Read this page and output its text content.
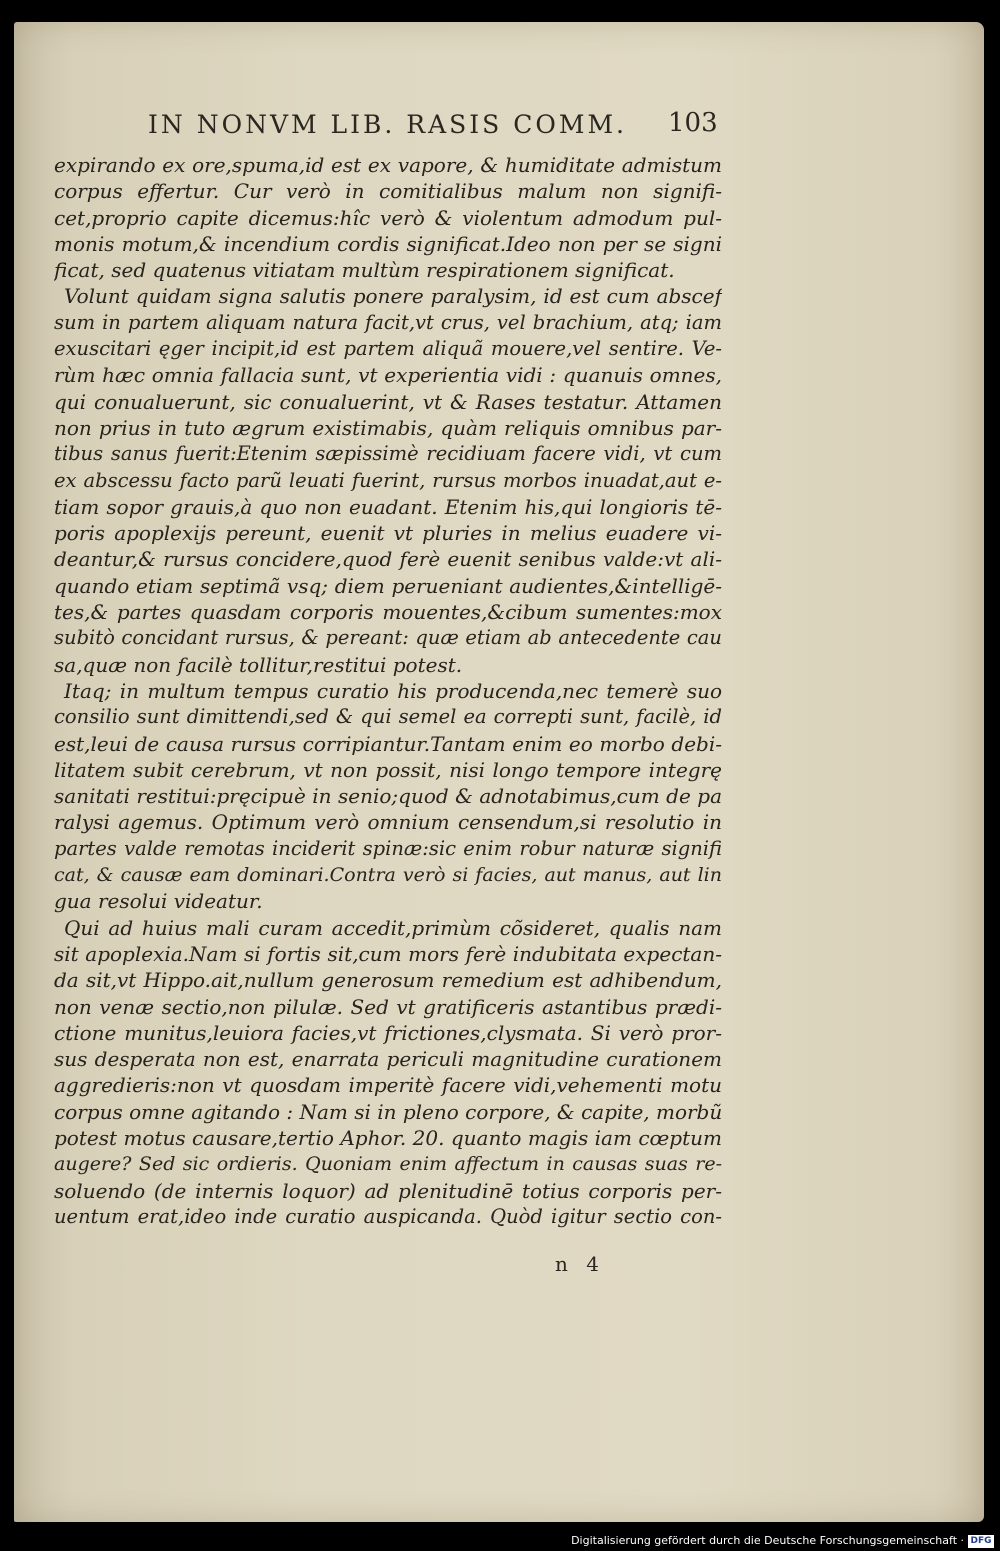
IN NONVM LIB. RASIS COMM.	103
expirando ex ore,spuma,id est ex vapore, & humiditate admistum
corpus effertur. Cur verò in comitialibus malum non signifi-
cet,proprio capite dicemus:hîc verò & violentum admodum pul-
monis motum,& incendium cordis significat.Ideo non per se signi
ficat, sed quatenus vitiatam multùm respirationem significat.
Volunt quidam signa salutis ponere paralysim, id est cum abscef
sum in partem aliquam natura facit,vt crus, vel brachium, atq; iam
exuscitari ęger incipit,id est partem aliquã mouere,vel sentire. Ve-
rùm hæc omnia fallacia sunt, vt experientia vidi : quanuis omnes,
qui conualuerunt, sic conualuerint, vt & Rases testatur. Attamen
non prius in tuto ægrum existimabis, quàm reliquis omnibus par-
tibus sanus fuerit:Etenim sæpissimè recidiuam facere vidi, vt cum
ex abscessu facto parũ leuati fuerint, rursus morbos inuadat,aut e-
tiam sopor grauis,à quo non euadant. Etenim his,qui longioris tē-
poris apoplexijs pereunt, euenit vt pluries in melius euadere vi-
deantur,& rursus concidere,quod ferè euenit senibus valde:vt ali-
quando etiam septimã vsq; diem perueniant audientes,&intelligē-
tes,& partes quasdam corporis mouentes,&cibum sumentes:mox
subitò concidant rursus, & pereant: quæ etiam ab antecedente cau
sa,quæ non facilè tollitur,restitui potest.
Itaq; in multum tempus curatio his producenda,nec temerè suo
consilio sunt dimittendi,sed & qui semel ea correpti sunt, facilè, id
est,leui de causa rursus corripiantur.Tantam enim eo morbo debi-
litatem subit cerebrum, vt non possit, nisi longo tempore integrę
sanitati restitui:pręcipuè in senio;quod & adnotabimus,cum de pa
ralysi agemus. Optimum verò omnium censendum,si resolutio in
partes valde remotas inciderit spinæ:sic enim robur naturæ signifi
cat, & causæ eam dominari.Contra verò si facies, aut manus, aut lin
gua resolui videatur.
Qui ad huius mali curam accedit,primùm cõsideret, qualis nam
sit apoplexia.Nam si fortis sit,cum mors ferè indubitata expectan-
da sit,vt Hippo.ait,nullum generosum remedium est adhibendum,
non venæ sectio,non pilulæ. Sed vt gratificeris astantibus prædi-
ctione munitus,leuiora facies,vt frictiones,clysmata. Si verò pror-
sus desperata non est, enarrata periculi magnitudine curationem
aggredieris:non vt quosdam imperitè facere vidi,vehementi motu
corpus omne agitando : Nam si in pleno corpore, & capite, morbũ
potest motus causare,tertio Aphor. 20. quanto magis iam cœptum
augere? Sed sic ordieris. Quoniam enim affectum in causas suas re-
soluendo (de internis loquor) ad plenitudinē totius corporis per-
uentum erat,ideo inde curatio auspicanda. Quòd igitur sectio con-
n 4
Digitalisierung gefördert durch die Deutsche Forschungsgemeinschaft · DFG
